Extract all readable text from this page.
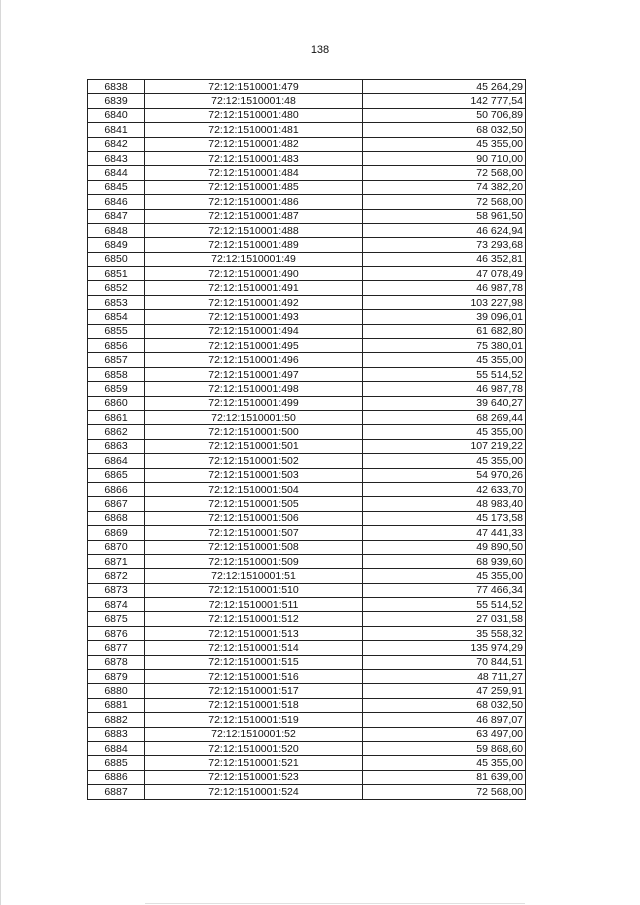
138
6838	72:12:1510001:479	45 264,29
6839	72:12:1510001:48	142 777,54
6840	72:12:1510001:480	50 706,89
6841	72:12:1510001:481	68 032,50
6842	72:12:1510001:482	45 355,00
6843	72:12:1510001:483	90 710,00
6844	72:12:1510001:484	72 568,00
6845	72:12:1510001:485	74 382,20
6846	72:12:1510001:486	72 568,00
6847	72:12:1510001:487	58 961,50
6848	72:12:1510001:488	46 624,94
6849	72:12:1510001:489	73 293,68
6850	72:12:1510001:49	46 352,81
6851	72:12:1510001:490	47 078,49
6852	72:12:1510001:491	46 987,78
6853	72:12:1510001:492	103 227,98
6854	72:12:1510001:493	39 096,01
6855	72:12:1510001:494	61 682,80
6856	72:12:1510001:495	75 380,01
6857	72:12:1510001:496	45 355,00
6858	72:12:1510001:497	55 514,52
6859	72:12:1510001:498	46 987,78
6860	72:12:1510001:499	39 640,27
6861	72:12:1510001:50	68 269,44
6862	72:12:1510001:500	45 355,00
6863	72:12:1510001:501	107 219,22
6864	72:12:1510001:502	45 355,00
6865	72:12:1510001:503	54 970,26
6866	72:12:1510001:504	42 633,70
6867	72:12:1510001:505	48 983,40
6868	72:12:1510001:506	45 173,58
6869	72:12:1510001:507	47 441,33
6870	72:12:1510001:508	49 890,50
6871	72:12:1510001:509	68 939,60
6872	72:12:1510001:51	45 355,00
6873	72:12:1510001:510	77 466,34
6874	72:12:1510001:511	55 514,52
6875	72:12:1510001:512	27 031,58
6876	72:12:1510001:513	35 558,32
6877	72:12:1510001:514	135 974,29
6878	72:12:1510001:515	70 844,51
6879	72:12:1510001:516	48 711,27
6880	72:12:1510001:517	47 259,91
6881	72:12:1510001:518	68 032,50
6882	72:12:1510001:519	46 897,07
6883	72:12:1510001:52	63 497,00
6884	72:12:1510001:520	59 868,60
6885	72:12:1510001:521	45 355,00
6886	72:12:1510001:523	81 639,00
6887	72:12:1510001:524	72 568,00
